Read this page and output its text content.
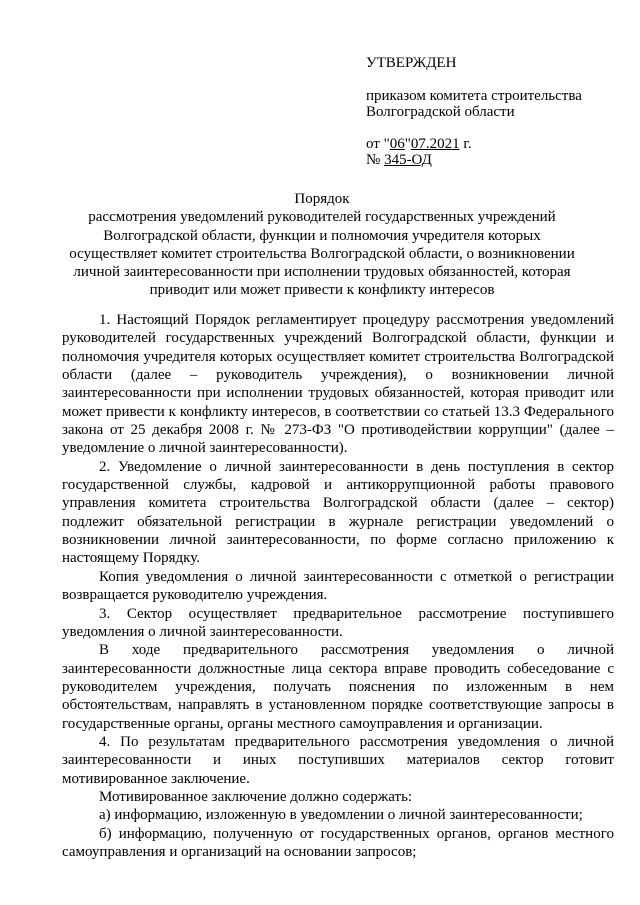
УТВЕРЖДЕН
приказом комитета строительства
Волгоградской области
от "06"07.2021 г.
№ 345-ОД
Порядок
рассмотрения уведомлений руководителей государственных учреждений
Волгоградской области, функции и полномочия учредителя которых
осуществляет комитет строительства Волгоградской области, о возникновении
личной заинтересованности при исполнении трудовых обязанностей, которая
приводит или может привести к конфликту интересов

1. Настоящий Порядок регламентирует процедуру рассмотрения уведомлений руководителей государственных учреждений Волгоградской области, функции и полномочия учредителя которых осуществляет комитет строительства Волгоградской области (далее – руководитель учреждения), о возникновении личной заинтересованности при исполнении трудовых обязанностей, которая приводит или может привести к конфликту интересов, в соответствии со статьей 13.3 Федерального закона от 25 декабря 2008 г. № 273-ФЗ "О противодействии коррупции" (далее – уведомление о личной заинтересованности).

2. Уведомление о личной заинтересованности в день поступления в сектор государственной службы, кадровой и антикоррупционной работы правового управления комитета строительства Волгоградской области (далее – сектор) подлежит обязательной регистрации в журнале регистрации уведомлений о возникновении личной заинтересованности, по форме согласно приложению к настоящему Порядку.

Копия уведомления о личной заинтересованности с отметкой о регистрации возвращается руководителю учреждения.

3. Сектор осуществляет предварительное рассмотрение поступившего уведомления о личной заинтересованности.

В ходе предварительного рассмотрения уведомления о личной заинтересованности должностные лица сектора вправе проводить собеседование с руководителем учреждения, получать пояснения по изложенным в нем обстоятельствам, направлять в установленном порядке соответствующие запросы в государственные органы, органы местного самоуправления и организации.

4. По результатам предварительного рассмотрения уведомления о личной заинтересованности и иных поступивших материалов сектор готовит мотивированное заключение.

Мотивированное заключение должно содержать:

а) информацию, изложенную в уведомлении о личной заинтересованности;

б) информацию, полученную от государственных органов, органов местного самоуправления и организаций на основании запросов;
